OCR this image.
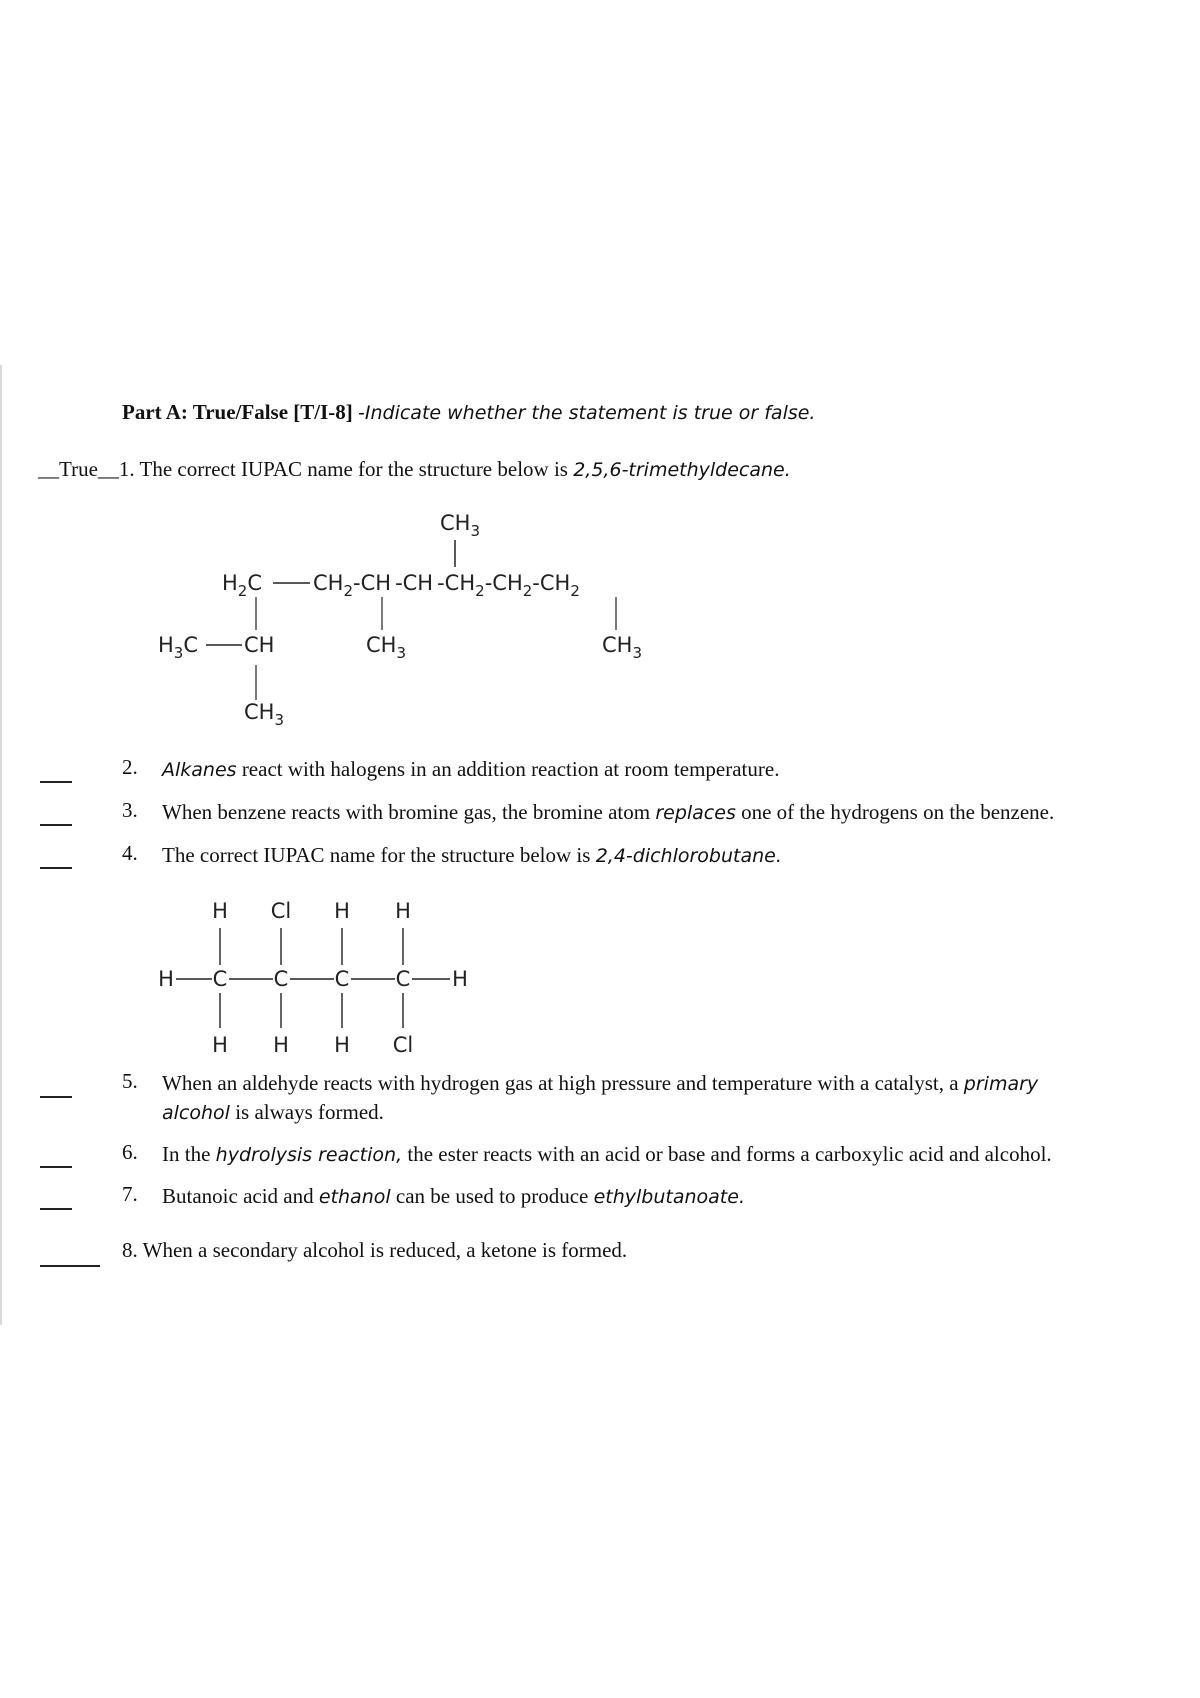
Part A: True/False [T/I-8] -Indicate whether the statement is true or false.
__True__1. The correct IUPAC name for the structure below is 2,5,6-trimethyldecane.
$CH_3$
$H_2C$ $CH_2-CH$ -CH $-CH_2-CH_2-CH_2$
$H_3C$ CH	$CH_3$	$CH_3$
$CH_3$
2. Alkanes react with halogens in an addition reaction at room temperature.
3. When benzene reacts with bromine gas, the bromine atom replaces one of the hydrogens on the benzene.
4. The correct IUPAC name for the structure below is 2,4-dichlorobutane.
H Cl H H
H C C C C H
H H H Cl
5. When an aldehyde reacts with hydrogen gas at high pressure and temperature with a catalyst, a primary
alcohol is always formed.
6. In the hydrolysis reaction, the ester reacts with an acid or base and forms a carboxylic acid and alcohol.
7. Butanoic acid and ethanol can be used to produce ethylbutanoate.
8. When a secondary alcohol is reduced, a ketone is formed.
